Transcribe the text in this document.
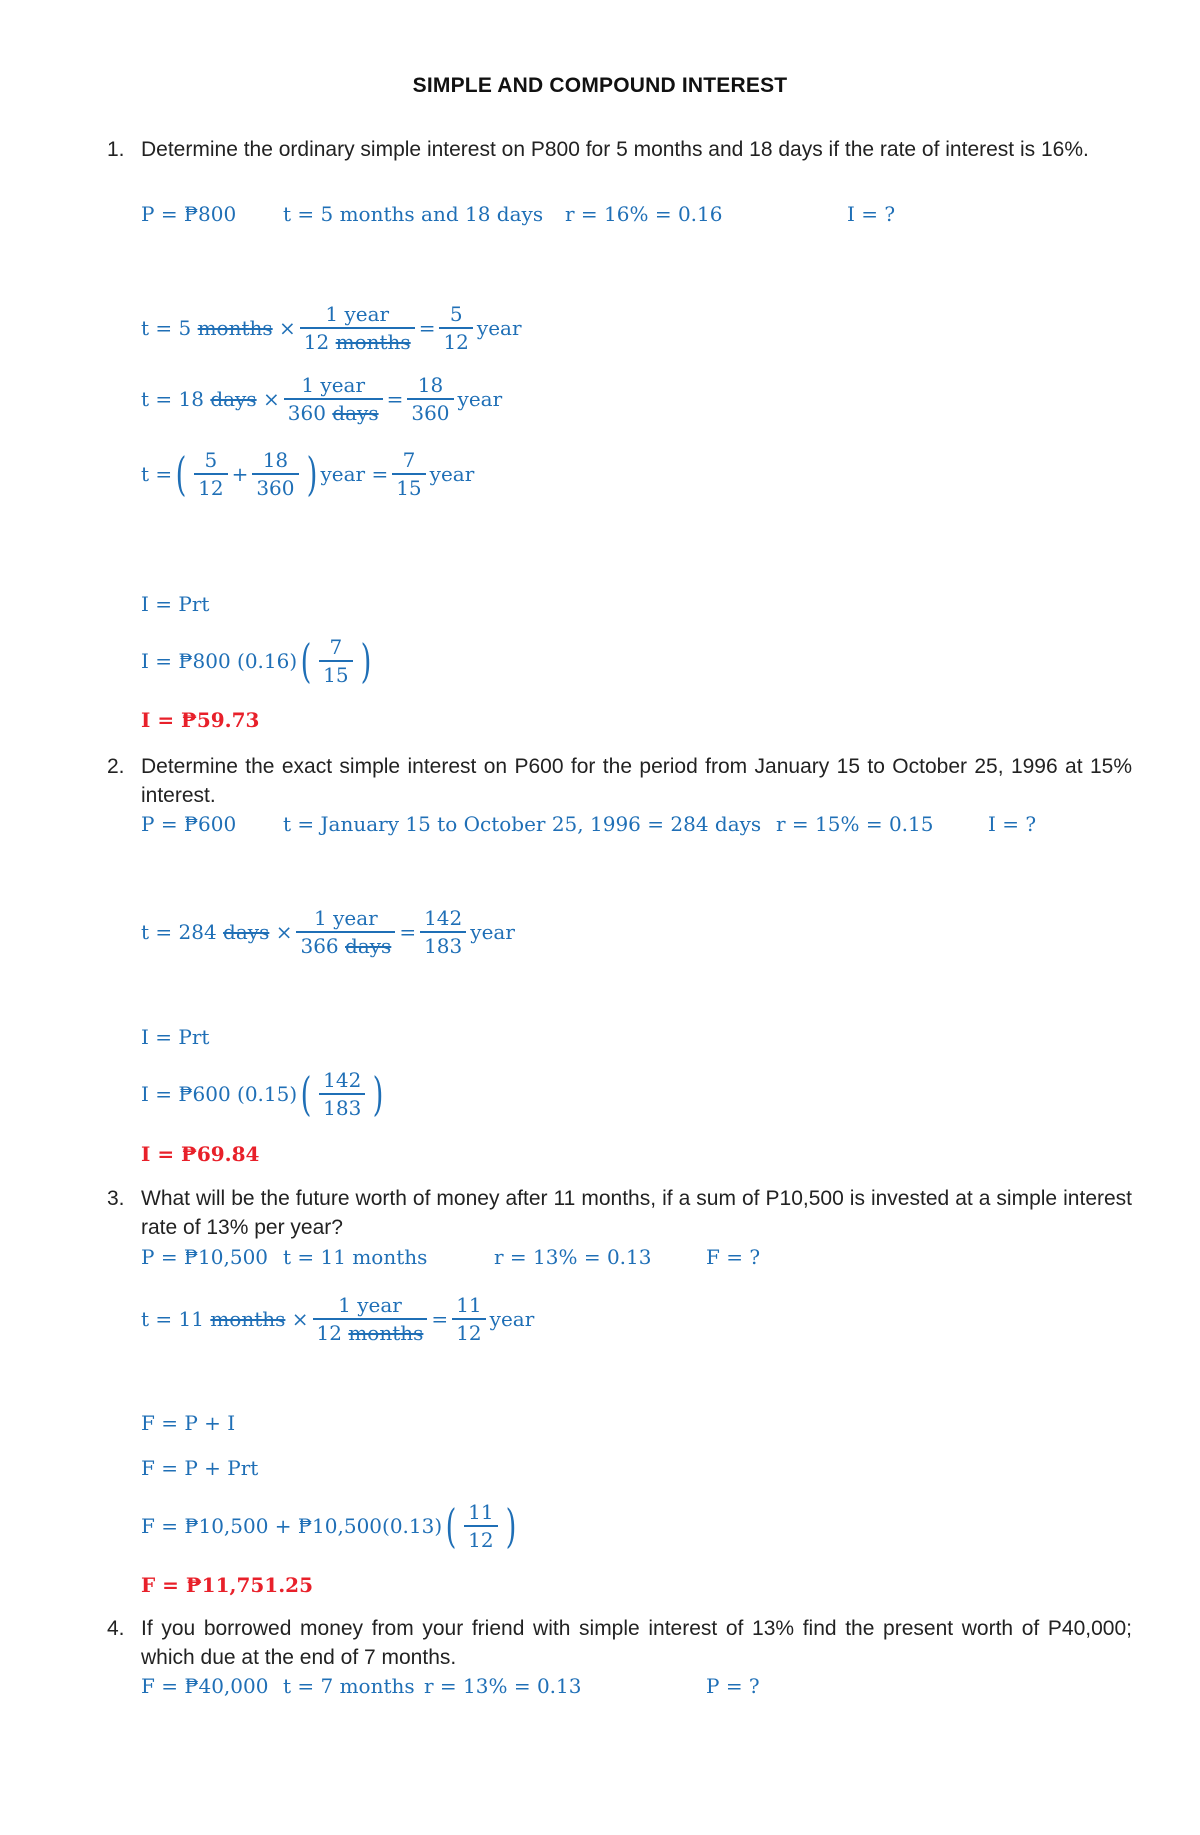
SIMPLE AND COMPOUND INTEREST
1. Determine the ordinary simple interest on P800 for 5 months and 18 days if the rate of interest is 16%.
P = ₱800 t = 5 months and 18 days r = 16% = 0.16	I = ?
t = 5
months
× $\frac{\text{1 year}}{\text{12 months}} = \frac{5}{12}$ year
t = 18
days
× $\frac{\text{1 year}}{\text{360 days}} = \frac{18}{360}$ year
t = ( $\frac{5}{12} + \frac{18}{360}$ ) year = $\frac{7}{15}$ year
I = Prt
I = ₱800 (0.16) ( $\frac{7}{15}$ )
I = ₱59.73
2. Determine the exact simple interest on P600 for the period from January 15 to October 25, 1996 at 15% interest.
P = ₱600 t = January 15 to October 25, 1996 = 284 days r = 15% = 0.15	I = ?
t = 284
days
× $\frac{\text{1 year}}{\text{366 days}} = \frac{142}{183}$ year
I = Prt
I = ₱600 (0.15) ( $\frac{142}{183}$ )
I = ₱69.84
3. What will be the future worth of money after 11 months, if a sum of P10,500 is invested at a simple interest rate of 13% per year?
P = ₱10,500 t = 11 months	r = 13% = 0.13	F = ?
t = 11
months
× $\frac{\text{1 year}}{\text{12 months}} = \frac{11}{12}$ year
F = P + I
F = P + Prt
F = ₱10,500 + ₱10,500(0.13) ( $\frac{11}{12}$ )
F = ₱11,751.25
4. If you borrowed money from your friend with simple interest of 13% find the present worth of P40,000; which due at the end of 7 months.
F = ₱40,000 t = 7 months r = 13% = 0.13	P = ?
